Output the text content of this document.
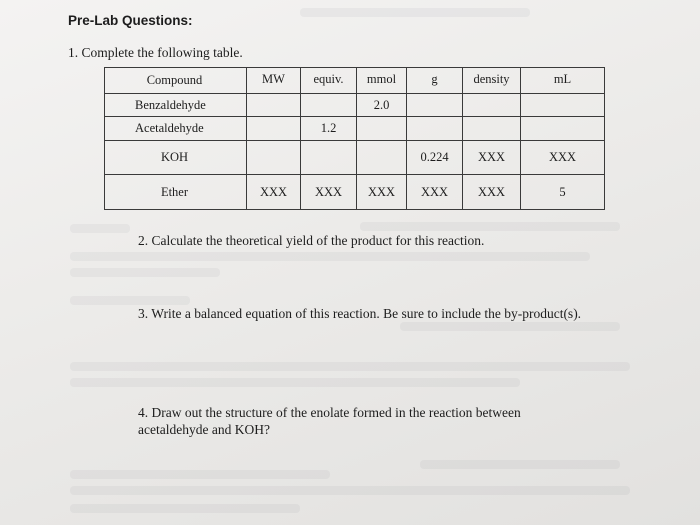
Pre-Lab Questions:
1. Complete the following table.
Compound	MW	equiv.	mmol	g	density	mL
Benzaldehyde			2.0			
Acetaldehyde		1.2				
KOH				0.224	XXX	XXX
Ether	XXX	XXX	XXX	XXX	XXX	5
2. Calculate the theoretical yield of the product for this reaction.
3. Write a balanced equation of this reaction. Be sure to include the by-product(s).
4. Draw out the structure of the enolate formed in the reaction between acetaldehyde and KOH?
